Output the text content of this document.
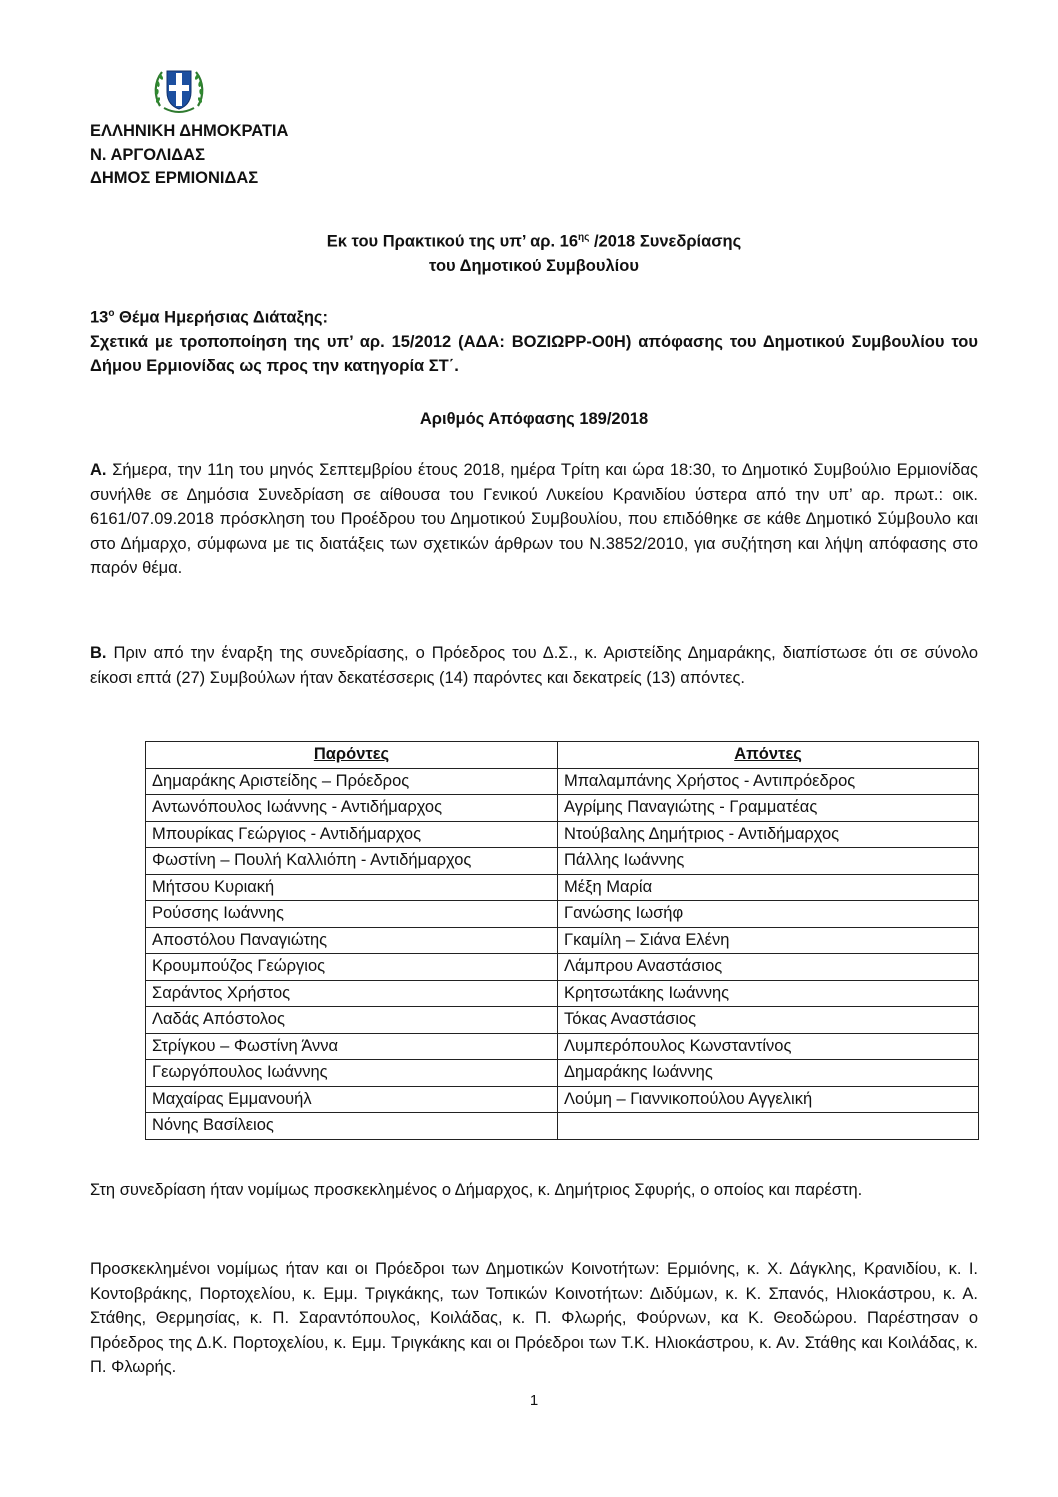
ΕΛΛΗΝΙΚΗ ΔΗΜΟΚΡΑΤΙΑ
Ν. ΑΡΓΟΛΙΔΑΣ
ΔΗΜΟΣ ΕΡΜΙΟΝΙΔΑΣ
Εκ του Πρακτικού της υπ’ αρ. $16^{\eta\varsigma}$ /2018 Συνεδρίασης
του Δημοτικού Συμβουλίου
$13^o$ Θέμα Ημερήσιας Διάταξης:
Σχετικά με τροποποίηση της υπ’ αρ. 15/2012 (ΑΔΑ: ΒΟΖΙΩΡΡ-Ο0Η) απόφασης του Δημοτικού Συμβουλίου του Δήμου Ερμιονίδας ως προς την κατηγορία ΣΤ΄.
Αριθμός Απόφασης 189/2018
Α. Σήμερα, την 11η του μηνός Σεπτεμβρίου έτους 2018, ημέρα Τρίτη και ώρα 18:30, το Δημοτικό Συμβούλιο Ερμιονίδας συνήλθε σε Δημόσια Συνεδρίαση σε αίθουσα του Γενικού Λυκείου Κρανιδίου ύστερα από την υπ’ αρ. πρωτ.: οικ. 6161/07.09.2018 πρόσκληση του Προέδρου του Δημοτικού Συμβουλίου, που επιδόθηκε σε κάθε Δημοτικό Σύμβουλο και στο Δήμαρχο, σύμφωνα με τις διατάξεις των σχετικών άρθρων του Ν.3852/2010, για συζήτηση και λήψη απόφασης στο παρόν θέμα.
Β. Πριν από την έναρξη της συνεδρίασης, ο Πρόεδρος του Δ.Σ., κ. Αριστείδης Δημαράκης, διαπίστωσε ότι σε σύνολο είκοσι επτά (27) Συμβούλων ήταν δεκατέσσερις (14) παρόντες και δεκατρείς (13) απόντες.
Παρόντες	Απόντες
Δημαράκης Αριστείδης – Πρόεδρος	Μπαλαμπάνης Χρήστος - Αντιπρόεδρος
Αντωνόπουλος Ιωάννης - Αντιδήμαρχος	Αγρίμης Παναγιώτης - Γραμματέας
Μπουρίκας Γεώργιος - Αντιδήμαρχος	Ντούβαλης Δημήτριος - Αντιδήμαρχος
Φωστίνη – Πουλή Καλλιόπη - Αντιδήμαρχος	Πάλλης Ιωάννης
Μήτσου Κυριακή	Μέξη Μαρία
Ρούσσης Ιωάννης	Γανώσης Ιωσήφ
Αποστόλου Παναγιώτης	Γκαμίλη – Σιάνα Ελένη
Κρουμπούζος Γεώργιος	Λάμπρου Αναστάσιος
Σαράντος Χρήστος	Κρητσωτάκης Ιωάννης
Λαδάς Απόστολος	Τόκας Αναστάσιος
Στρίγκου – Φωστίνη Άννα	Λυμπερόπουλος Κωνσταντίνος
Γεωργόπουλος Ιωάννης	Δημαράκης Ιωάννης
Μαχαίρας Εμμανουήλ	Λούμη – Γιαννικοπούλου Αγγελική
Νόνης Βασίλειος	
Στη συνεδρίαση ήταν νομίμως προσκεκλημένος ο Δήμαρχος, κ. Δημήτριος Σφυρής, ο οποίος και παρέστη.
Προσκεκλημένοι νομίμως ήταν και οι Πρόεδροι των Δημοτικών Κοινοτήτων: Ερμιόνης, κ. Χ. Δάγκλης, Κρανιδίου, κ. Ι. Κοντοβράκης, Πορτοχελίου, κ. Εμμ. Τριγκάκης, των Τοπικών Κοινοτήτων: Διδύμων, κ. Κ. Σπανός, Ηλιοκάστρου, κ. Α. Στάθης, Θερμησίας, κ. Π. Σαραντόπουλος, Κοιλάδας, κ. Π. Φλωρής, Φούρνων, κα Κ. Θεοδώρου. Παρέστησαν ο Πρόεδρος της Δ.Κ. Πορτοχελίου, κ. Εμμ. Τριγκάκης και οι Πρόεδροι των Τ.Κ. Ηλιοκάστρου, κ. Αν. Στάθης και Κοιλάδας, κ. Π. Φλωρής.
1
